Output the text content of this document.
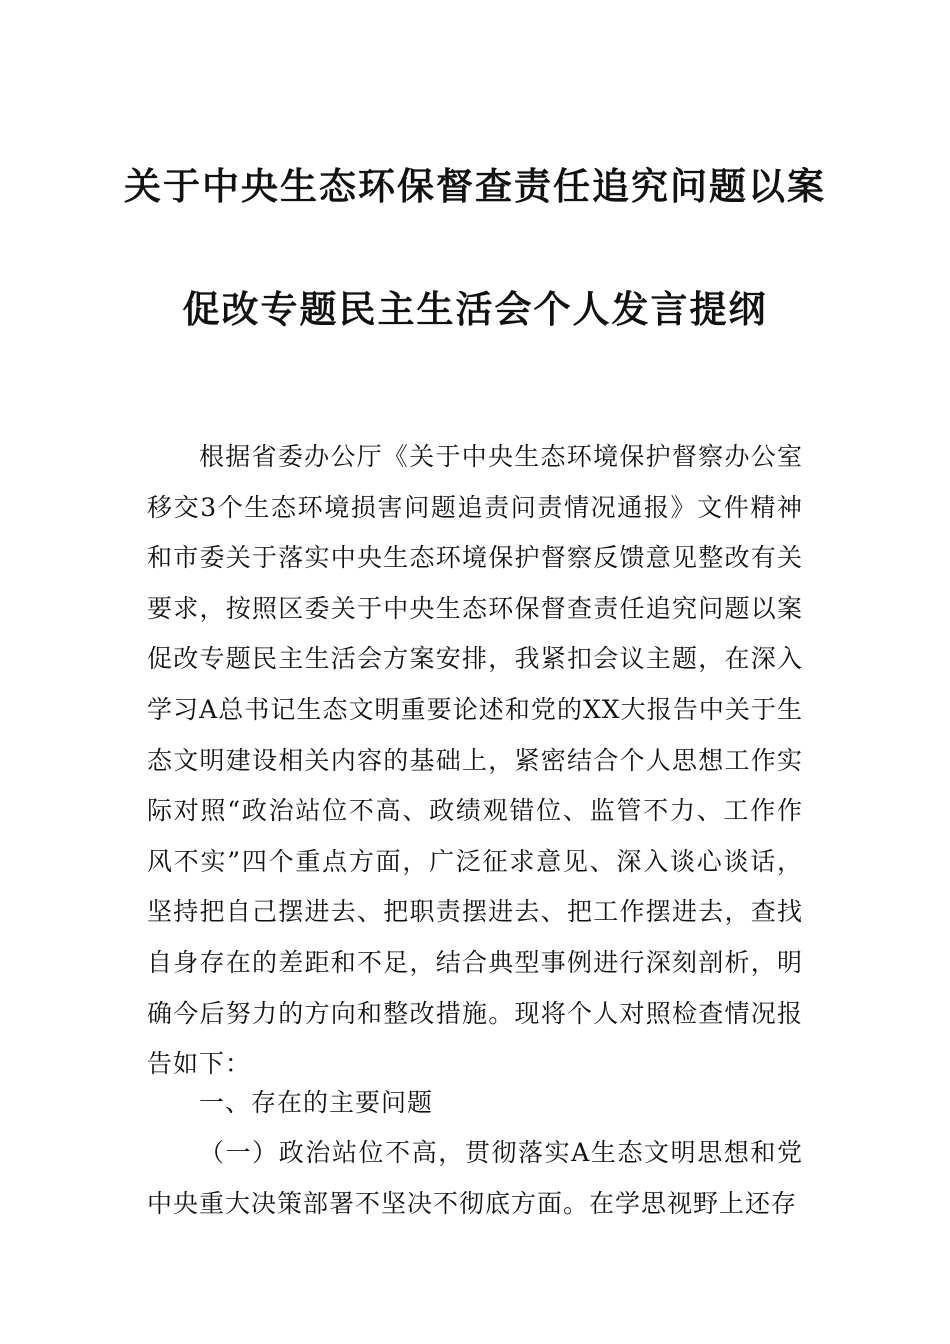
关于中央生态环保督查责任追究问题以案
促改专题民主生活会个人发言提纲

根据省委办公厅《关于中央生态环境保护督察办公室移交3个生态环境损害问题追责问责情况通报》文件精神和市委关于落实中央生态环境保护督察反馈意见整改有关要求，按照区委关于中央生态环保督查责任追究问题以案促改专题民主生活会方案安排，我紧扣会议主题，在深入学习A总书记生态文明重要论述和党的XX大报告中关于生态文明建设相关内容的基础上，紧密结合个人思想工作实际对照“政治站位不高、政绩观错位、监管不力、工作作风不实”四个重点方面，广泛征求意见、深入谈心谈话，坚持把自己摆进去、把职责摆进去、把工作摆进去，查找自身存在的差距和不足，结合典型事例进行深刻剖析，明确今后努力的方向和整改措施。现将个人对照检查情况报告如下：

一、存在的主要问题

（一）政治站位不高，贯彻落实A生态文明思想和党中央重大决策部署不坚决不彻底方面。在学思视野上还存
